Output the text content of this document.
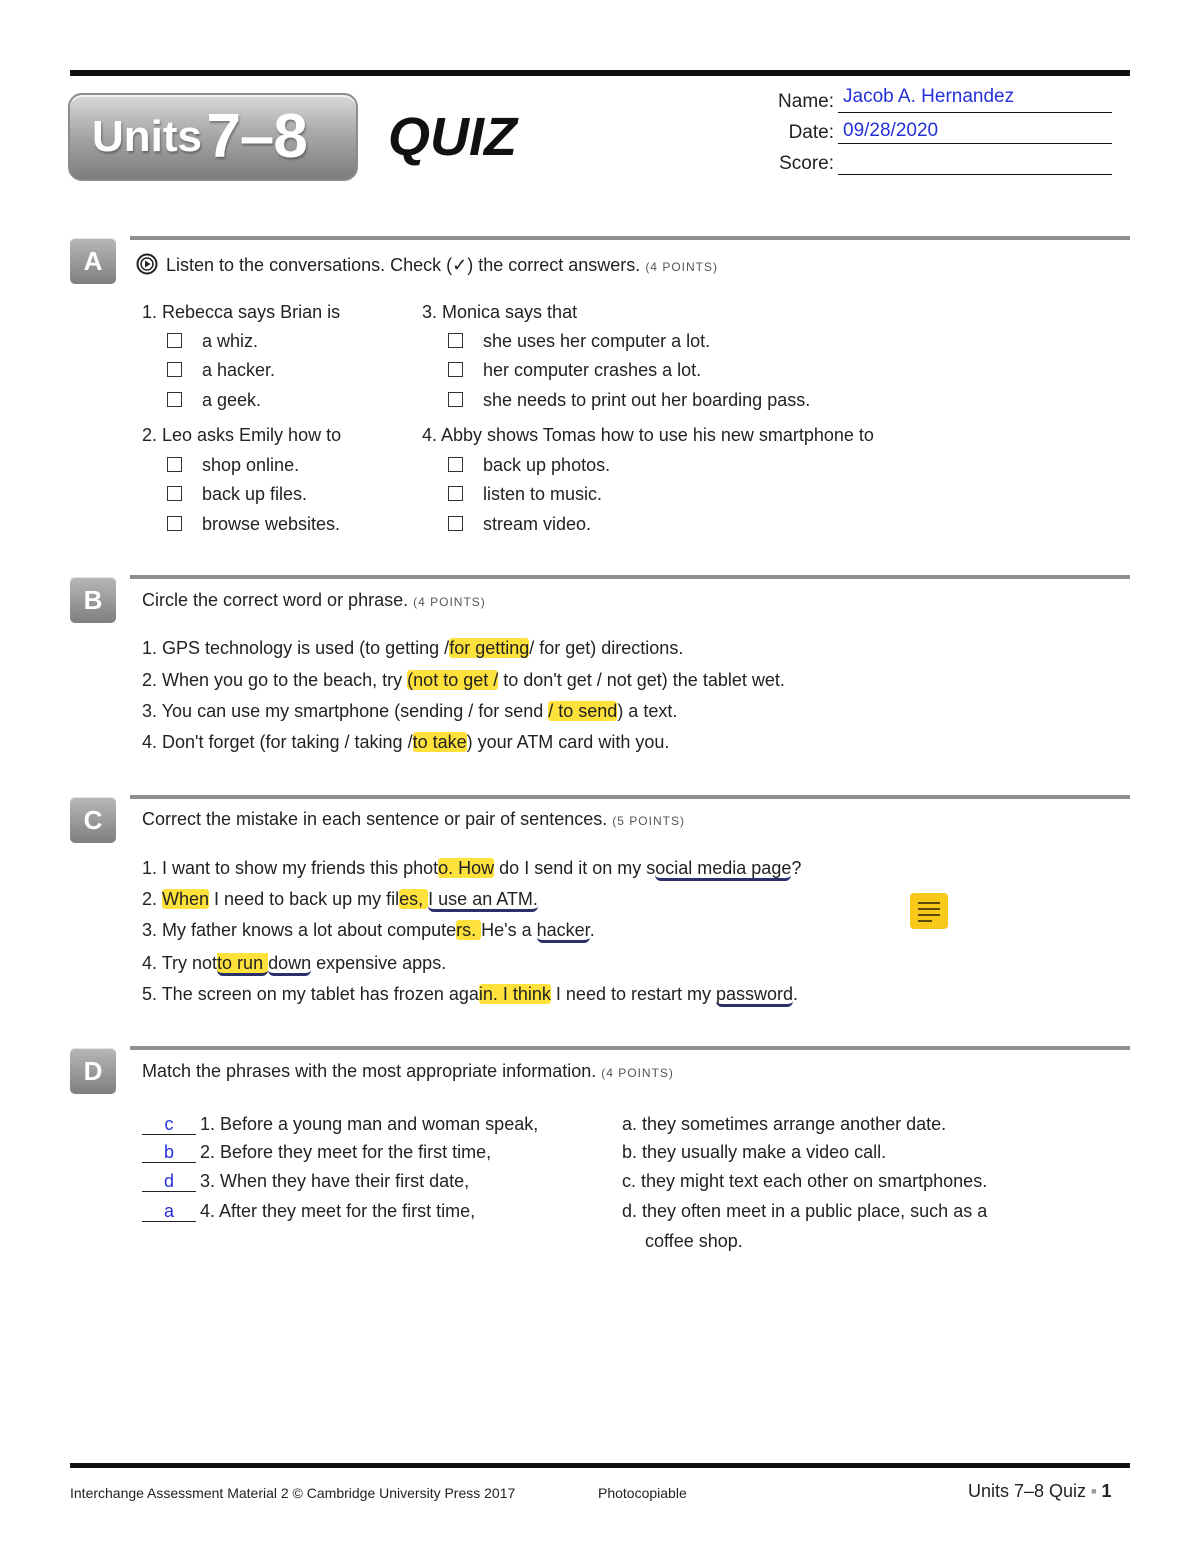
Units 7–8 QUIZ
Name: Jacob A. Hernandez
Date: 09/28/2020
Score:
A	Listen to the conversations. Check (✓) the correct answers. (4 POINTS)
1. Rebecca says Brian is
a whiz.
a hacker.
a geek.
2. Leo asks Emily how to
shop online.
back up files.
browse websites.
3. Monica says that
she uses her computer a lot.
her computer crashes a lot.
she needs to print out her boarding pass.
4. Abby shows Tomas how to use his new smartphone to
back up photos.
listen to music.
stream video.
B	Circle the correct word or phrase. (4 POINTS)
1. GPS technology is used (to getting /for getting/ for get) directions.
2. When you go to the beach, try (not to get / to don't get / not get) the tablet wet.
3. You can use my smartphone (sending / for send / to send) a text.
4. Don't forget (for taking / taking /to take) your ATM card with you.
C	Correct the mistake in each sentence or pair of sentences. (5 POINTS)
1. I want to show my friends this photo. How do I send it on my social media page?
2. When I need to back up my files, I use an ATM.
3. My father knows a lot about computers. He's a hacker.
4. Try notto run down expensive apps.
5. The screen on my tablet has frozen again. I think I need to restart my password.
D	Match the phrases with the most appropriate information. (4 POINTS)
c 1. Before a young man and woman speak,
b 2. Before they meet for the first time,
d 3. When they have their first date,
a 4. After they meet for the first time,
a. they sometimes arrange another date.
b. they usually make a video call.
c. they might text each other on smartphones.
d. they often meet in a public place, such as a
coffee shop.
Interchange Assessment Material 2 © Cambridge University Press 2017	Photocopiable	Units 7–8 Quiz ■ 1
